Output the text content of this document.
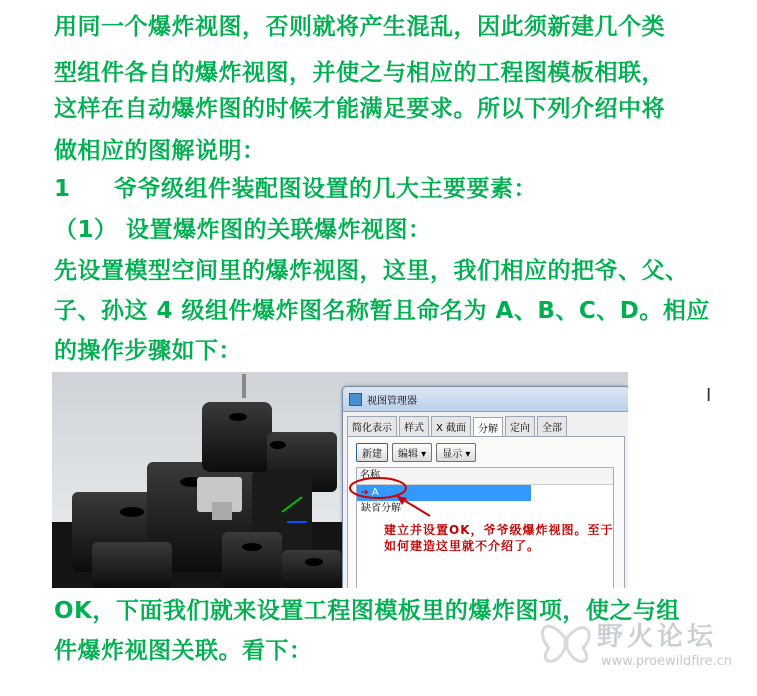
用同一个爆炸视图，否则就将产生混乱，因此须新建几个类
型组件各自的爆炸视图，并使之与相应的工程图模板相联，
这样在自动爆炸图的时候才能满足要求。所以下列介绍中将
做相应的图解说明：
1 爷爷级组件装配图设置的几大主要要素：
（1） 设置爆炸图的关联爆炸视图：
先设置模型空间里的爆炸视图，这里，我们相应的把爷、父、
子、孙这 4 级组件爆炸图名称暂且命名为 A、B、C、D。相应
的操作步骤如下：
视图管理器
简化表示	样式	X 截面	分解	定向	全部
新建	编辑 ▾	显示 ▾
名称
➔ A
缺省分解
建立并设置OK，爷爷级爆炸视图。至于如何建造这里就不介绍了。
OK，下面我们就来设置工程图模板里的爆炸图项，使之与组
件爆炸视图关联。看下：
I
野火论坛
www.proewildfire.cn
